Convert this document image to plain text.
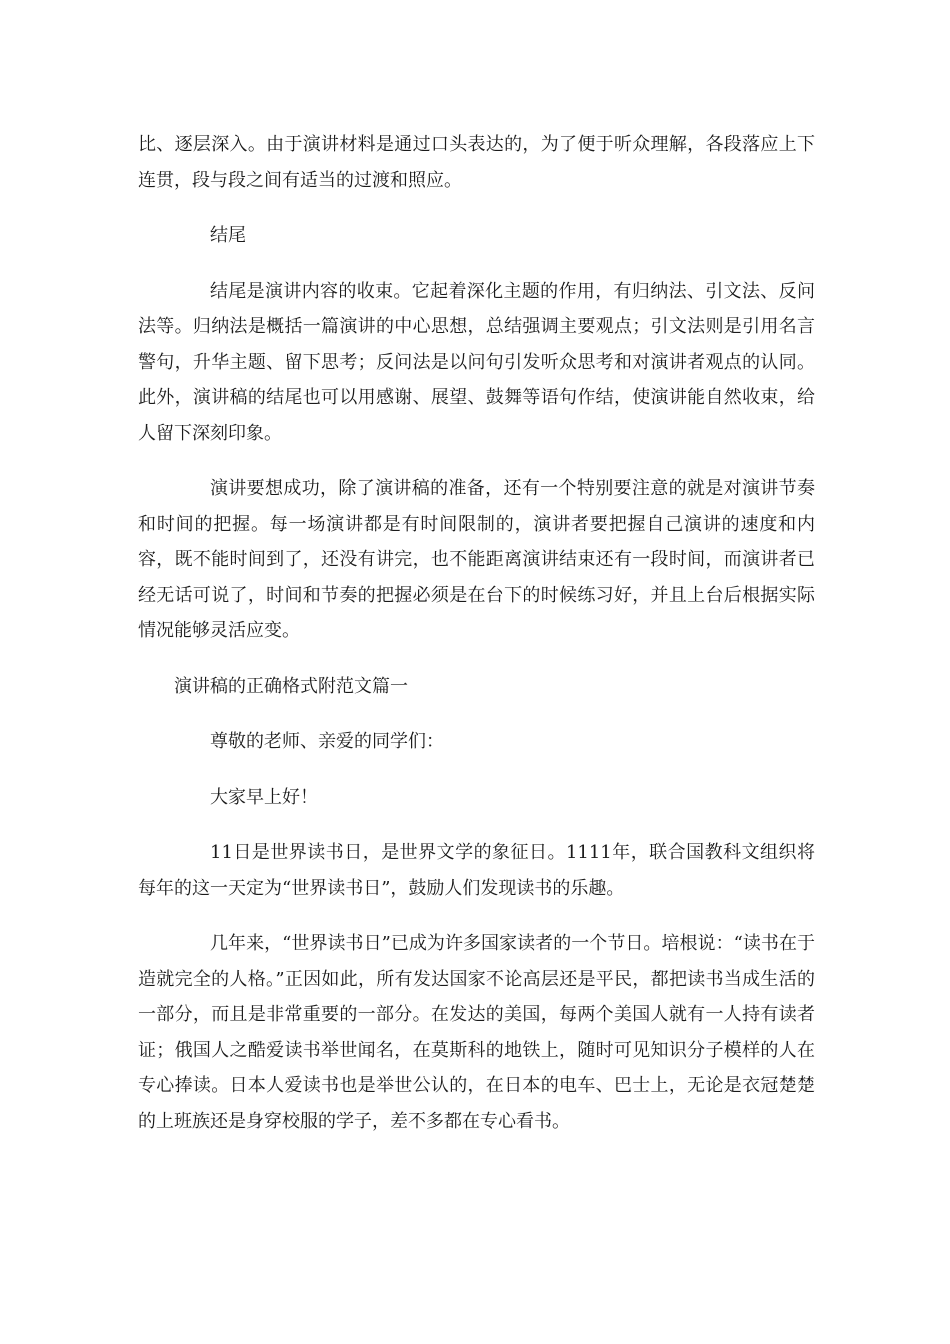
比、逐层深入。由于演讲材料是通过口头表达的，为了便于听众理解，各段落应上下连贯，段与段之间有适当的过渡和照应。

结尾

结尾是演讲内容的收束。它起着深化主题的作用，有归纳法、引文法、反问法等。归纳法是概括一篇演讲的中心思想，总结强调主要观点；引文法则是引用名言警句，升华主题、留下思考；反问法是以问句引发听众思考和对演讲者观点的认同。此外，演讲稿的结尾也可以用感谢、展望、鼓舞等语句作结，使演讲能自然收束，给人留下深刻印象。

演讲要想成功，除了演讲稿的准备，还有一个特别要注意的就是对演讲节奏和时间的把握。每一场演讲都是有时间限制的，演讲者要把握自己演讲的速度和内容，既不能时间到了，还没有讲完，也不能距离演讲结束还有一段时间，而演讲者已经无话可说了，时间和节奏的把握必须是在台下的时候练习好，并且上台后根据实际情况能够灵活应变。

演讲稿的正确格式附范文篇一

尊敬的老师、亲爱的同学们：

大家早上好！

11日是世界读书日，是世界文学的象征日。1111年，联合国教科文组织将每年的这一天定为“世界读书日”，鼓励人们发现读书的乐趣。

几年来，“世界读书日”已成为许多国家读者的一个节日。培根说：“读书在于造就完全的人格。”正因如此，所有发达国家不论高层还是平民，都把读书当成生活的一部分，而且是非常重要的一部分。在发达的美国，每两个美国人就有一人持有读者证；俄国人之酷爱读书举世闻名，在莫斯科的地铁上，随时可见知识分子模样的人在专心捧读。日本人爱读书也是举世公认的，在日本的电车、巴士上，无论是衣冠楚楚的上班族还是身穿校服的学子，差不多都在专心看书。
